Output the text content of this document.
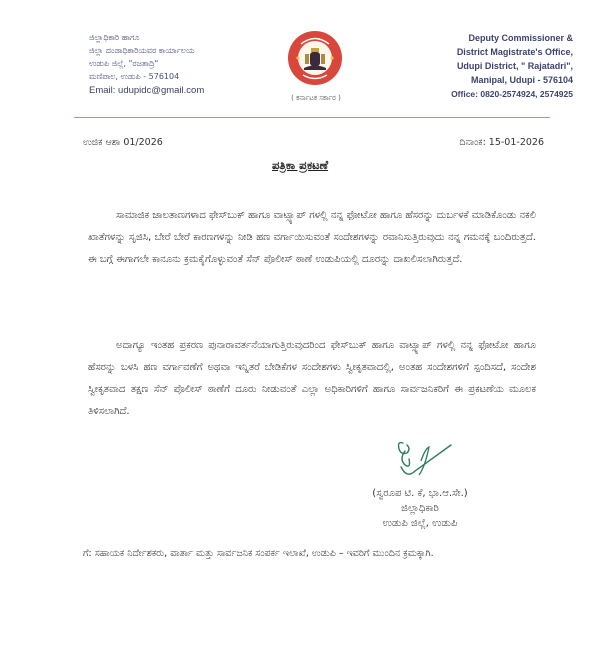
ಜಿಲ್ಲಾಧಿಕಾರಿ ಹಾಗೂ
ಜಿಲ್ಲಾ ದಂಡಾಧಿಕಾರಿಯವರ ಕಾರ್ಯಾಲಯ
ಉಡುಪಿ ಜಿಲ್ಲೆ, "ರಜತಾದ್ರಿ"
ಮಣಿಪಾಲ, ಉಡುಪಿ - 576104
Email: udupidc@gmail.com
( ಕರ್ನಾಟಕ ಸರ್ಕಾರ )
Deputy Commissioner &
District Magistrate's Office,
Udupi District, " Rajatadri",
Manipal, Udupi - 576104
Office: 0820-2574924, 2574925
ಉಜಿಕ ಆಶಾ 01/2026	ದಿನಾಂಕ: 15-01-2026
ಪತ್ರಿಕಾ ಪ್ರಕಟಣೆ
ಸಾಮಾಜಿಕ ಜಾಲತಾಣಗಳಾದ ಫೇಸ್‌ಬುಕ್ ಹಾಗೂ ವಾಟ್ಸ್ಯಾಪ್ ಗಳಲ್ಲಿ ನನ್ನ ಫೋಟೋ ಹಾಗೂ ಹೆಸರನ್ನು ದುರ್ಬಳಕೆ ಮಾಡಿಕೊಂಡು ನಕಲಿ ಖಾತೆಗಳನ್ನು ಸೃಜಿಸಿ, ಬೇರೆ ಬೇರೆ ಕಾರಣಗಳನ್ನು ನೀಡಿ ಹಣ ವರ್ಗಾಯಿಸುವಂತೆ ಸಂದೇಶಗಳನ್ನು ರವಾನಿಸುತ್ತಿರುವುದು ನನ್ನ ಗಮನಕ್ಕೆ ಬಂದಿರುತ್ತದೆ. ಈ ಬಗ್ಗೆ ಈಗಾಗಲೇ ಕಾನೂನು ಕ್ರಮಕೈಗೊಳ್ಳುವಂತೆ ಸೆನ್ ಪೊಲೀಸ್ ಠಾಣೆ ಉಡುಪಿಯಲ್ಲಿ ದೂರನ್ನು ದಾಖಲಿಸಲಾಗಿರುತ್ತದೆ.
ಅದಾಗ್ಯೂ ಇಂತಹ ಪ್ರಕರಣ ಪುನಾರಾವರ್ತನೆಯಾಗುತ್ತಿರುವುದರಿಂದ ಫೇಸ್‌ಬುಕ್ ಹಾಗೂ ವಾಟ್ಸ್ಯಾಪ್ ಗಳಲ್ಲಿ ನನ್ನ ಫೋಟೋ ಹಾಗೂ ಹೆಸರನ್ನು ಬಳಸಿ ಹಣ ವರ್ಗಾವಣೆಗೆ ಅಥವಾ ಇನ್ನಿತರೆ ಬೇಡಿಕೆಗಳ ಸಂದೇಶಗಳು ಸ್ವೀಕೃತವಾದಲ್ಲಿ, ಅಂತಹ ಸಂದೇಶಗಳಿಗೆ ಸ್ಪಂದಿಸದೆ, ಸಂದೇಶ ಸ್ವೀಕೃತವಾದ ತಕ್ಷಣ ಸೆನ್ ಪೊಲೀಸ್ ಠಾಣೆಗೆ ದೂರು ನೀಡುವಂತೆ ಎಲ್ಲಾ ಅಧಿಕಾರಿಗಳಿಗೆ ಹಾಗೂ ಸಾರ್ವಜನಿಕರಿಗೆ ಈ ಪ್ರಕಟಣೆಯ ಮೂಲಕ ತಿಳಿಸಲಾಗಿದೆ.
(ಸ್ವರೂಪ ಟಿ. ಕೆ, ಭಾ.ಆ.ಸೇ.)
ಜಿಲ್ಲಾಧಿಕಾರಿ
ಉಡುಪಿ ಜಿಲ್ಲೆ, ಉಡುಪಿ
ಗೆ: ಸಹಾಯಕ ನಿರ್ದೇಶಕರು, ವಾರ್ತಾ ಮತ್ತು ಸಾರ್ವಜನಿಕ ಸಂಪರ್ಕ ಇಲಾಖೆ, ಉಡುಪಿ – ಇವರಿಗೆ ಮುಂದಿನ ಕ್ರಮಕ್ಕಾಗಿ.
